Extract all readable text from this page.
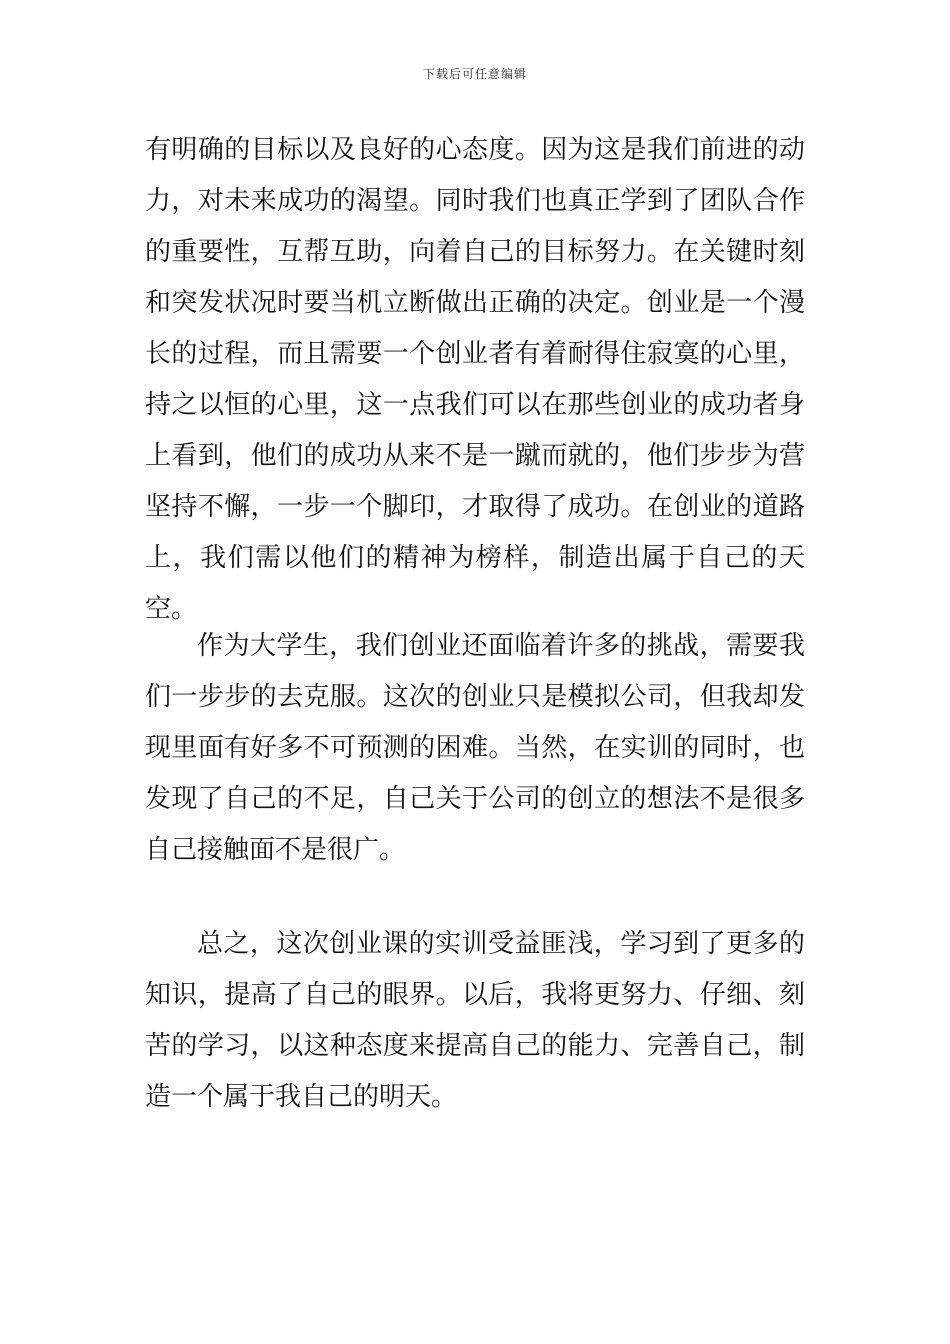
下载后可任意编辑

有明确的目标以及良好的心态度。因为这是我们前进的动力，对未来成功的渴望。同时我们也真正学到了团队合作的重要性，互帮互助，向着自己的目标努力。在关键时刻和突发状况时要当机立断做出正确的决定。创业是一个漫长的过程，而且需要一个创业者有着耐得住寂寞的心里，持之以恒的心里，这一点我们可以在那些创业的成功者身上看到，他们的成功从来不是一蹴而就的，他们步步为营坚持不懈，一步一个脚印，才取得了成功。在创业的道路上，我们需以他们的精神为榜样，制造出属于自己的天空。

作为大学生，我们创业还面临着许多的挑战，需要我们一步步的去克服。这次的创业只是模拟公司，但我却发现里面有好多不可预测的困难。当然，在实训的同时，也发现了自己的不足，自己关于公司的创立的想法不是很多自己接触面不是很广。

总之，这次创业课的实训受益匪浅，学习到了更多的知识，提高了自己的眼界。以后，我将更努力、仔细、刻苦的学习，以这种态度来提高自己的能力、完善自己，制造一个属于我自己的明天。
